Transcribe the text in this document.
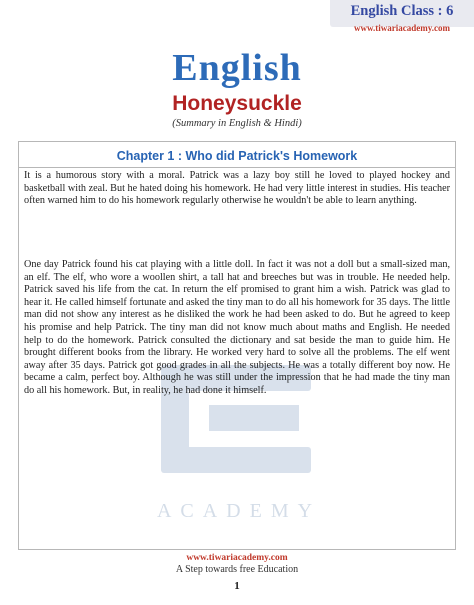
English Class : 6
www.tiwariacademy.com
English
Honeysuckle
(Summary in English & Hindi)
Chapter 1 : Who did Patrick's Homework
ACADEMY

It is a humorous story with a moral. Patrick was a lazy boy still he loved to played hockey and basketball with zeal. But he hated doing his homework. He had very little interest in studies. His teacher often warned him to do his homework regularly otherwise he wouldn't be able to learn anything.

One day Patrick found his cat playing with a little doll. In fact it was not a doll but a small-sized man, an elf. The elf, who wore a woollen shirt, a tall hat and breeches but was in trouble. He needed help. Patrick saved his life from the cat. In return the elf promised to grant him a wish. Patrick was glad to hear it. He called himself fortunate and asked the tiny man to do all his homework for 35 days. The little man did not show any interest as he disliked the work he had been asked to do. But he agreed to keep his promise and help Patrick. The tiny man did not know much about maths and English. He needed help to do the homework. Patrick consulted the dictionary and sat beside the man to guide him. He brought different books from the library. He worked very hard to solve all the problems. The elf went away after 35 days. Patrick got good grades in all the subjects. He was a totally different boy now. He became a calm, perfect boy. Although he was still under the impression that he had made the tiny man do all his homework. But, in reality, he had done it himself.

www.tiwariacademy.com
A Step towards free Education
1
